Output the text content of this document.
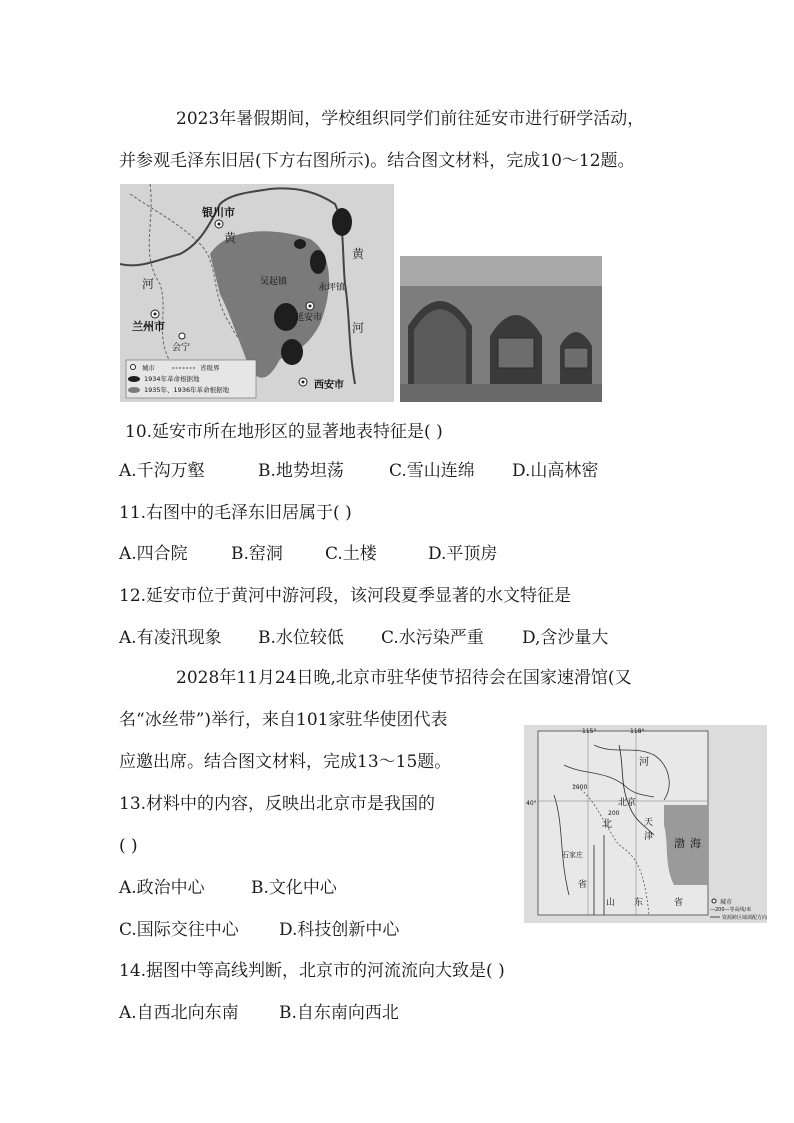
2023年暑假期间，学校组织同学们前往延安市进行研学活动，
并参观毛泽东旧居(下方右图所示)。结合图文材料，完成10～12题。
银川市
兰州市
会宁
吴起镇
永坪镇
延安市
西安市
黄
河
黄
河
城市	省级界
1934年革命根据地
1935年、1936年革命根据地
10.延安市所在地形区的显著地表特征是( )
A.千沟万壑	B.地势坦荡	C.雪山连绵 D.山高林密
11.右图中的毛泽东旧居属于( )
A.四合院	B.窑洞 C.土楼	D.平顶房
12.延安市位于黄河中游河段，该河段夏季显著的水文特征是
A.有凌汛现象 B.水位较低 C.水污染严重 D,含沙量大
2028年11月24日晚,北京市驻华使节招待会在国家速滑馆(又
名“冰丝带”)举行，来自101家驻华使团代表
应邀出席。结合图文材料，完成13～15题。
城市
—200—等高线/米
资源跨区域调配方向
115°	118°
40°
河
北京
天
津
北
石家庄
省
渤 海
山 东	省
1000
200
13.材料中的内容，反映出北京市是我国的
( )
A.政治中心	B.文化中心
C.国际交往中心 D.科技创新中心
14.据图中等高线判断，北京市的河流流向大致是( )
A.自西北向东南 B.自东南向西北
